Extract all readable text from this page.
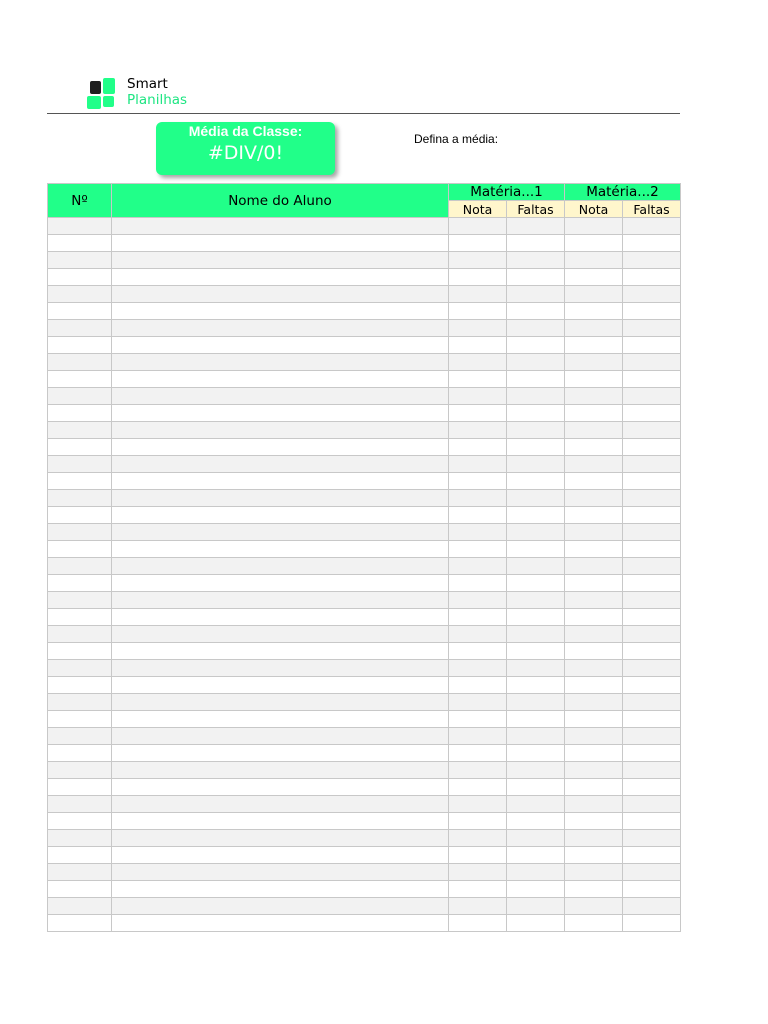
Smart
Planilhas
Média da Classe:
#DIV/0!
Defina a média:
Nº	Nome do Aluno	Matéria...1		Matéria...2	
		Nota	Faltas	Nota	Faltas
